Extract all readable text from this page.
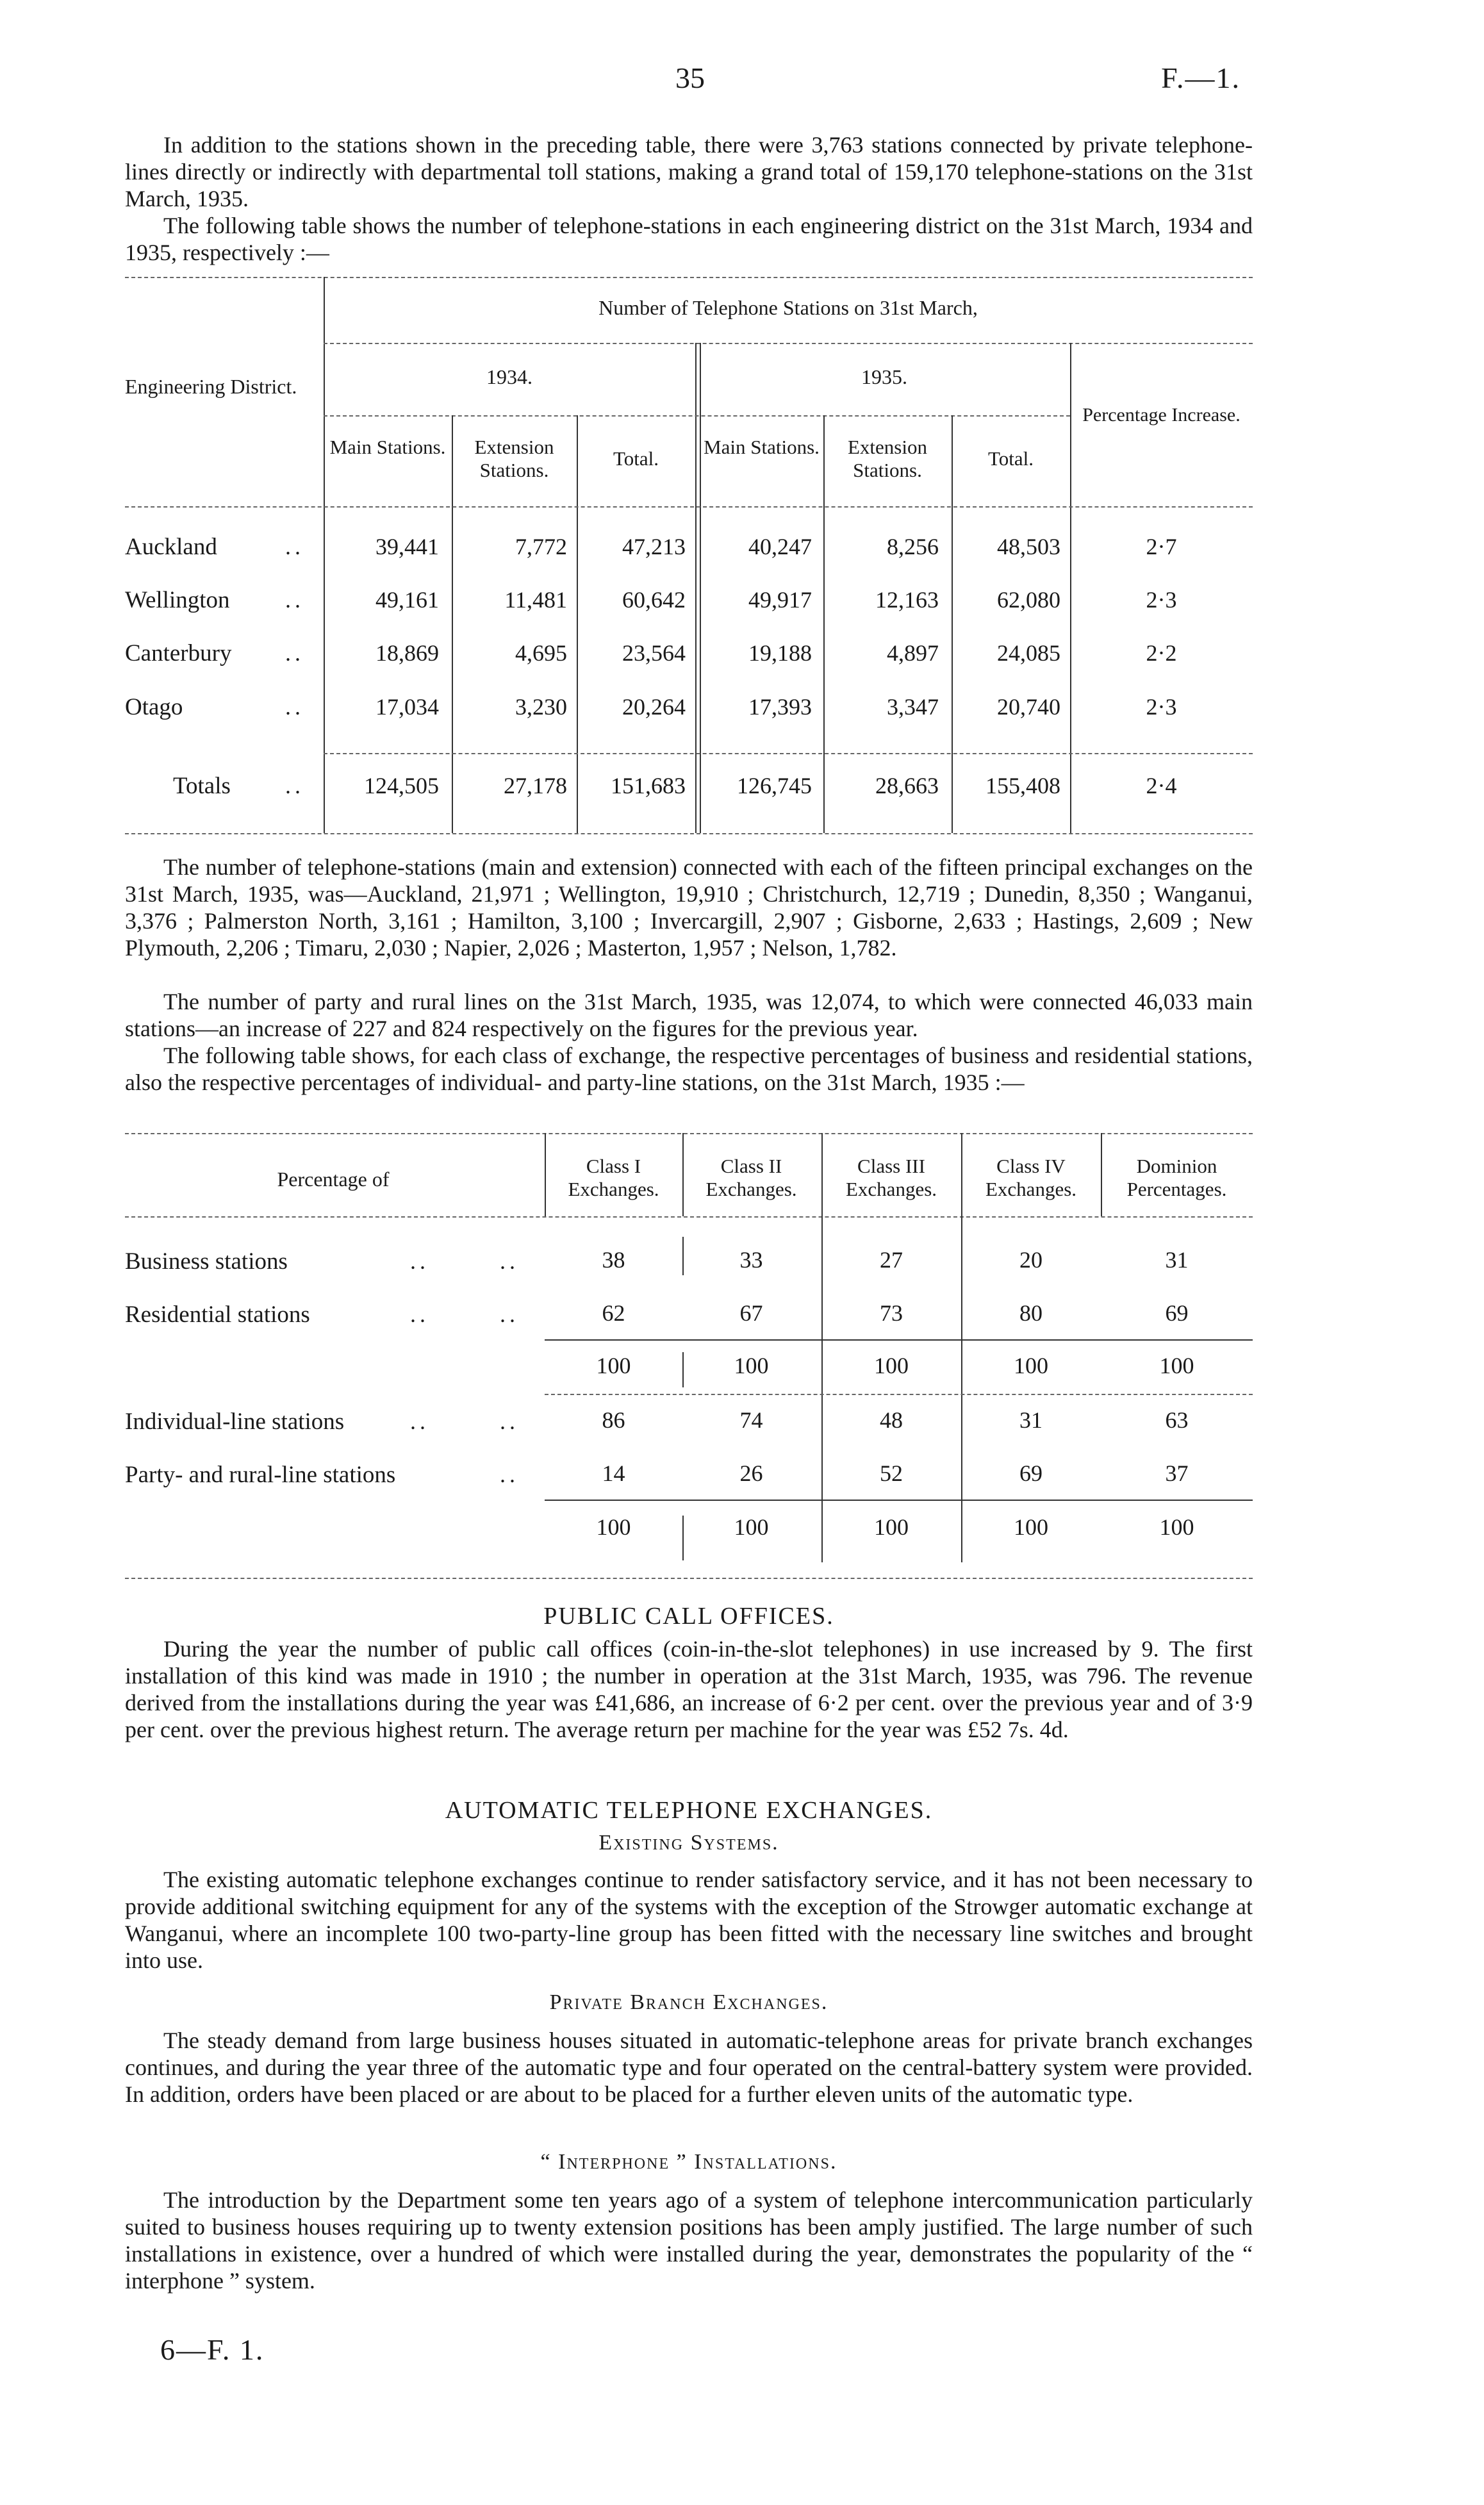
35	F.—1.

In addition to the stations shown in the preceding table, there were 3,763 stations connected by private telephone-lines directly or indirectly with departmental toll stations, making a grand total of 159,170 telephone-stations on the 31st March, 1935.

The following table shows the number of telephone-stations in each engineering district on the 31st March, 1934 and 1935, respectively :—

Number of Telephone Stations on 31st March,
Engineering District.	1934.	1935.
Percentage Increase.
Main Stations.	Extension Stations.
Total.
Main Stations.	Extension Stations.
Total.
Auckland	..	39,441	7,772	47,213	40,247	8,256	48,503	2·7
Wellington ..	49,161	11,481	60,642	49,917	12,163	62,080	2·3
Canterbury ..	18,869	4,695	23,564	19,188	4,897	24,085	2·2
Otago	..	17,034	3,230	20,264	17,393	3,347	20,740	2·3
Totals ..	124,505	27,178	151,683	126,745	28,663	155,408	2·4

The number of telephone-stations (main and extension) connected with each of the fifteen principal exchanges on the 31st March, 1935, was—Auckland, 21,971 ; Wellington, 19,910 ; Christchurch, 12,719 ; Dunedin, 8,350 ; Wanganui, 3,376 ; Palmerston North, 3,161 ; Hamilton, 3,100 ; Invercargill, 2,907 ; Gisborne, 2,633 ; Hastings, 2,609 ; New Plymouth, 2,206 ; Timaru, 2,030 ; Napier, 2,026 ; Masterton, 1,957 ; Nelson, 1,782.

The number of party and rural lines on the 31st March, 1935, was 12,074, to which were connected 46,033 main stations—an increase of 227 and 824 respectively on the figures for the previous year.

The following table shows, for each class of exchange, the respective percentages of business and residential stations, also the respective percentages of individual- and party-line stations, on the 31st March, 1935 :—

Percentage of
Class I Exchanges.
Class II Exchanges.
Class III Exchanges.
Class IV Exchanges.
Dominion Percentages.
Business stations	..	..	38	33	27	20	31
Residential stations	..	..	62	67	73	80	69
100	100	100	100	100
Individual-line stations	..	..	86	74	48	31	63
Party- and rural-line stations	..	14	26	52	69	37
100	100	100	100	100
PUBLIC CALL OFFICES.

During the year the number of public call offices (coin-in-the-slot telephones) in use increased by 9. The first installation of this kind was made in 1910 ; the number in operation at the 31st March, 1935, was 796. The revenue derived from the installations during the year was £41,686, an increase of 6·2 per cent. over the previous year and of 3·9 per cent. over the previous highest return. The average return per machine for the year was £52 7s. 4d.

AUTOMATIC TELEPHONE EXCHANGES.
Existing Systems.

The existing automatic telephone exchanges continue to render satisfactory service, and it has not been necessary to provide additional switching equipment for any of the systems with the exception of the Strowger automatic exchange at Wanganui, where an incomplete 100 two-party-line group has been fitted with the necessary line switches and brought into use.

Private Branch Exchanges.

The steady demand from large business houses situated in automatic-telephone areas for private branch exchanges continues, and during the year three of the automatic type and four operated on the central-battery system were provided. In addition, orders have been placed or are about to be placed for a further eleven units of the automatic type.

“ Interphone ” Installations.

The introduction by the Department some ten years ago of a system of telephone intercommunication particularly suited to business houses requiring up to twenty extension positions has been amply justified. The large number of such installations in existence, over a hundred of which were installed during the year, demonstrates the popularity of the “ interphone ” system.

6—F. 1.
